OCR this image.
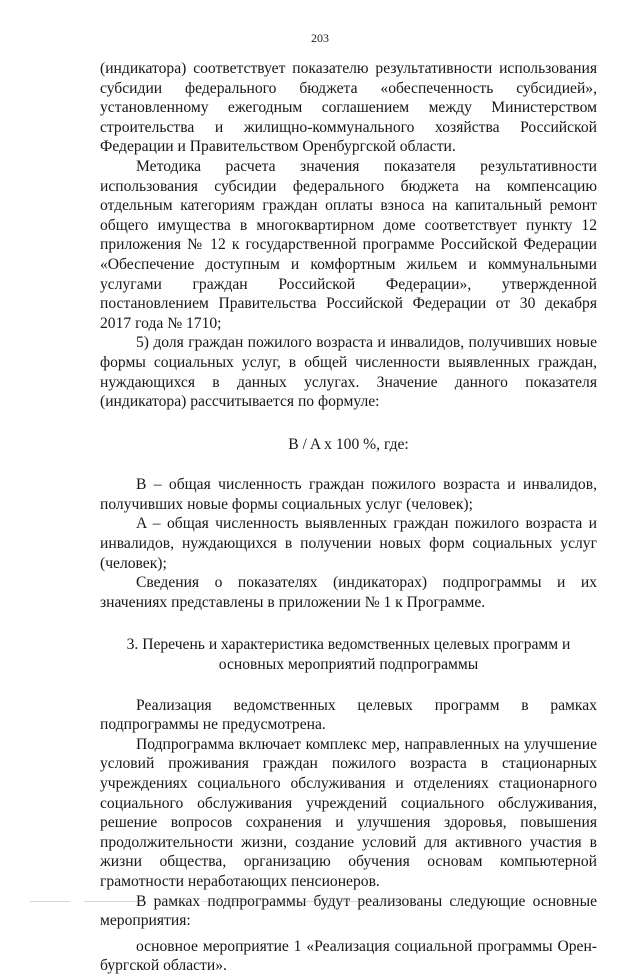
203

(индикатора) соответствует показателю результативности использования субсидии федерального бюджета «обеспеченность субсидией», установленному ежегодным соглашением между Министерством строительства и жилищно-коммунального хозяйства Российской Федерации и Правительством Оренбургской области.

Методика расчета значения показателя результативности использования субсидии федерального бюджета на компенсацию отдельным категориям граждан оплаты взноса на капитальный ремонт общего имущества в многоквартирном доме соответствует пункту 12 приложения № 12 к государственной программе Российской Федерации «Обеспечение доступным и комфортным жильем и коммунальными услугами граждан Российской Федерации», утвержденной постановлением Правительства Российской Федерации от 30 декабря 2017 года № 1710;

5) доля граждан пожилого возраста и инвалидов, получивших новые формы социальных услуг, в общей численности выявленных граждан, нуждающихся в данных услугах. Значение данного показателя (индикатора) рассчитывается по формуле:

B / A x 100 %, где:

B – общая численность граждан пожилого возраста и инвалидов, получивших новые формы социальных услуг (человек);

A – общая численность выявленных граждан пожилого возраста и инвалидов, нуждающихся в получении новых форм социальных услуг (человек);

Сведения о показателях (индикаторах) подпрограммы и их значениях представлены в приложении № 1 к Программе.

3. Перечень и характеристика ведомственных целевых программ и основных мероприятий подпрограммы

Реализация ведомственных целевых программ в рамках подпрограммы не предусмотрена.

Подпрограмма включает комплекс мер, направленных на улучшение условий проживания граждан пожилого возраста в стационарных учреждениях социального обслуживания и отделениях стационарного социального обслуживания учреждений социального обслуживания, решение вопросов сохранения и улучшения здоровья, повышения продолжительности жизни, создание условий для активного участия в жизни общества, организацию обучения основам компьютерной грамотности неработающих пенсионеров.

В рамках подпрограммы будут реализованы следующие основные мероприятия:

основное мероприятие 1 «Реализация социальной программы Оренбургской области».
